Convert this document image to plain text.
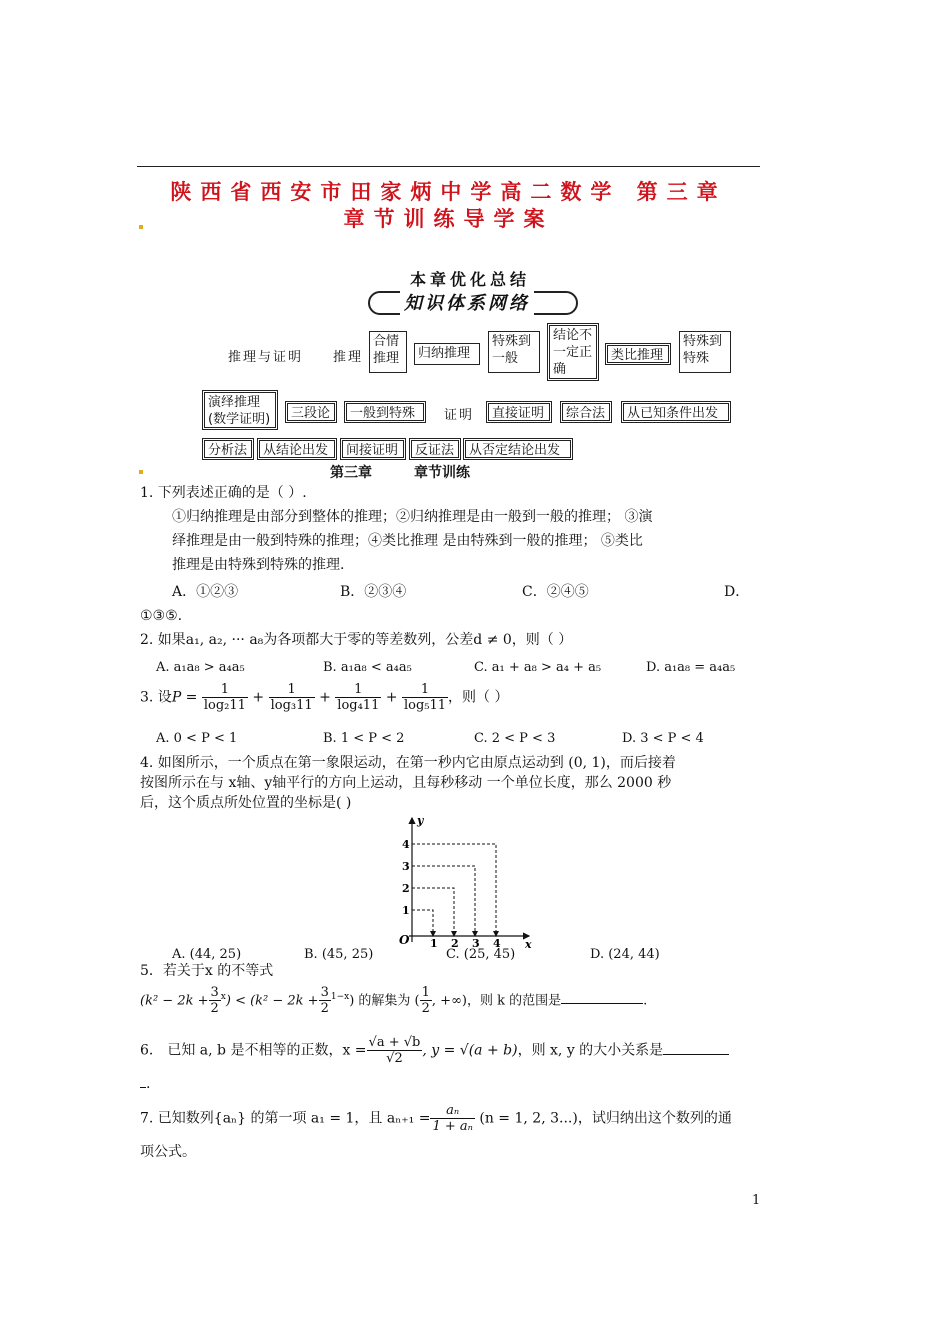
陕西省西安市田家炳中学高二数学 第三章
章节训练导学案
本章优化总结
知识体系网络
推理与证明 推理
合情推理	归纳推理
特殊到一般
结论不一定正确
类比推理
特殊到特殊
演绎推理(数学证明)	三段论	一般到特殊	证明	直接证明	综合法	从已知条件出发
分析法	从结论出发	间接证明	反证法	从否定结论出发
第三章	章节训练
1. 下列表述正确的是（ ）.
①归纳推理是由部分到整体的推理；②归纳推理是由一般到一般的推理； ③演
绎推理是由一般到特殊的推理；④类比推理 是由特殊到一般的推理； ⑤类比
推理是由特殊到特殊的推理.
A．①②③	B．②③④	C．②④⑤	D．
①③⑤.
2. 如果a₁, a₂, ··· a₈为各项都大于零的等差数列，公差d ≠ 0，则（ ）
A. a₁a₈ > a₄a₅	B. a₁a₈ < a₄a₅	C. a₁ + a₈ > a₄ + a₅	D. a₁a₈ = a₄a₅
3. 设$P = \frac{1}{\text{log₂11}} + \frac{1}{\text{log₃11}} + \frac{1}{\text{log₄11}} + \frac{1}{\text{log₅11}}$ ，则（ ）
A. 0 < P < 1	B. 1 < P < 2	C. 2 < P < 3	D. 3 < P < 4
4. 如图所示，一个质点在第一象限运动，在第一秒内它由原点运动到 (0, 1)，而后接着
按图所示在与 x轴、y轴平行的方向上运动，且每秒移动 一个单位长度，那么 2000 秒
后，这个质点所处位置的坐标是( )
y
x
O
1
2
3
4
1 2 3 4
A. (44, 25)	B. (45, 25)	C. (25, 45)	D. (24, 44)
5．若关于x 的不等式
$(k^2 - 2k + \frac{3}{2} ^x) < (k^2 - 2k + \frac{3}{2} ^{1-x})$ 的解集为 ( $\frac{1}{2}$ , +∞)，则 k 的范围是	.
6． 已知 a, b 是不相等的正数，$x = \frac{√a + √b}{√2}$ , y = √(a + b)，则 x, y 的大小关系是
.
7. 已知数列{aₙ} 的第一项 a₁ = 1，且 $a_{n+1} = \frac{\text{aₙ}}{\text{1 + aₙ}} (n = 1$, 2, 3...)，试归纳出这个数列的通
项公式。
1
